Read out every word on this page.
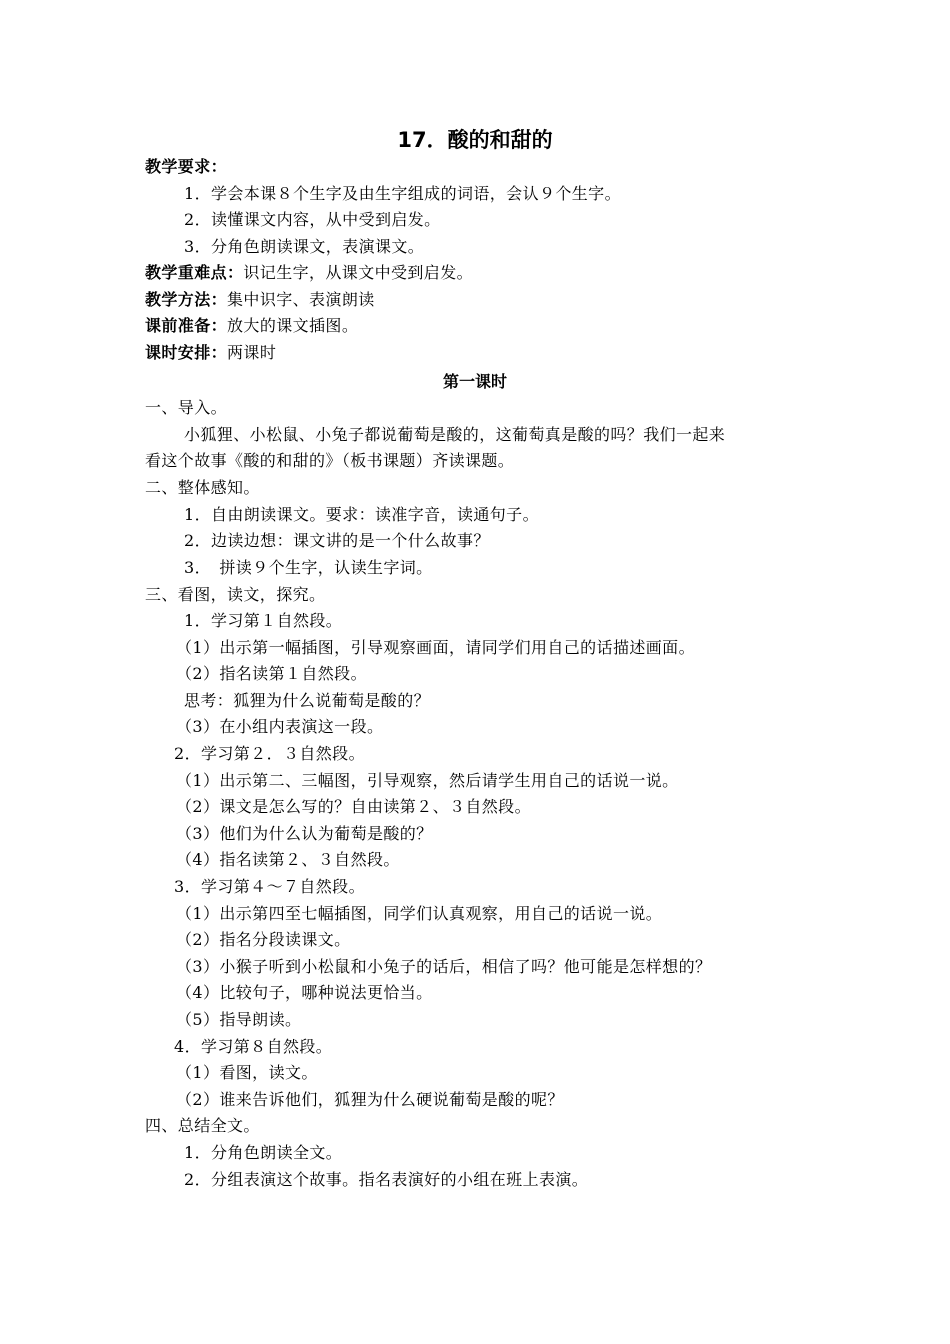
17．酸的和甜的
教学要求：
1．学会本课８个生字及由生字组成的词语，会认９个生字。
2．读懂课文内容，从中受到启发。
3．分角色朗读课文，表演课文。
教学重难点：识记生字，从课文中受到启发。
教学方法：集中识字、表演朗读
课前准备：放大的课文插图。
课时安排：两课时
第一课时
一、导入。
小狐狸、小松鼠、小兔子都说葡萄是酸的，这葡萄真是酸的吗？我们一起来
看这个故事《酸的和甜的》（板书课题）齐读课题。
二、整体感知。
1．自由朗读课文。要求：读准字音，读通句子。
2．边读边想：课文讲的是一个什么故事？
3．　拼读９个生字，认读生字词。
三、看图，读文，探究。
1．学习第１自然段。
（1）出示第一幅插图，引导观察画面，请同学们用自己的话描述画面。
（2）指名读第１自然段。
思考：狐狸为什么说葡萄是酸的？
（3）在小组内表演这一段。
2．学习第２．３自然段。
（1）出示第二、三幅图，引导观察，然后请学生用自己的话说一说。
（2）课文是怎么写的？自由读第２、３自然段。
（3）他们为什么认为葡萄是酸的？
（4）指名读第２、３自然段。
3．学习第４～７自然段。
（1）出示第四至七幅插图，同学们认真观察，用自己的话说一说。
（2）指名分段读课文。
（3）小猴子听到小松鼠和小兔子的话后，相信了吗？他可能是怎样想的？
（4）比较句子，哪种说法更恰当。
（5）指导朗读。
4．学习第８自然段。
（1）看图，读文。
（2）谁来告诉他们，狐狸为什么硬说葡萄是酸的呢？
四、总结全文。
1．分角色朗读全文。
2．分组表演这个故事。指名表演好的小组在班上表演。
